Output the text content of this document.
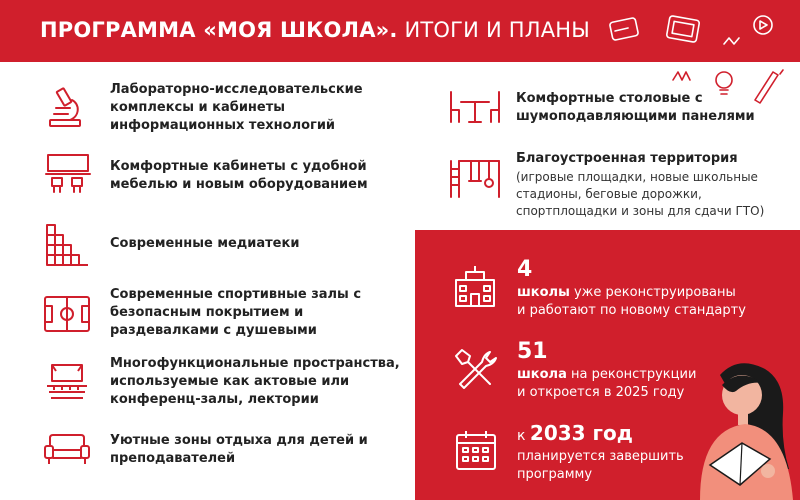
ПРОГРАММА «МОЯ ШКОЛА». ИТОГИ И ПЛАНЫ
Лабораторно-исследовательские комплексы и кабинеты информационных технологий
Комфортные кабинеты с удобной мебелью и новым оборудованием
Современные медиатеки
Современные спортивные залы с безопасным покрытием и раздевалками с душевыми
Многофункциональные пространства, используемые как актовые или конференц-залы, лектории
Уютные зоны отдыха для детей и преподавателей
Комфортные столовые с шумоподавляющими панелями
Благоустроенная территория
(игровые площадки, новые школьные стадионы, беговые дорожки, спортплощадки и зоны для сдачи ГТО)
4
школы уже реконструированы
и работают по новому стандарту
51
школа на реконструкции
и откроется в 2025 году
к 2033 год
планируется завершить
программу
